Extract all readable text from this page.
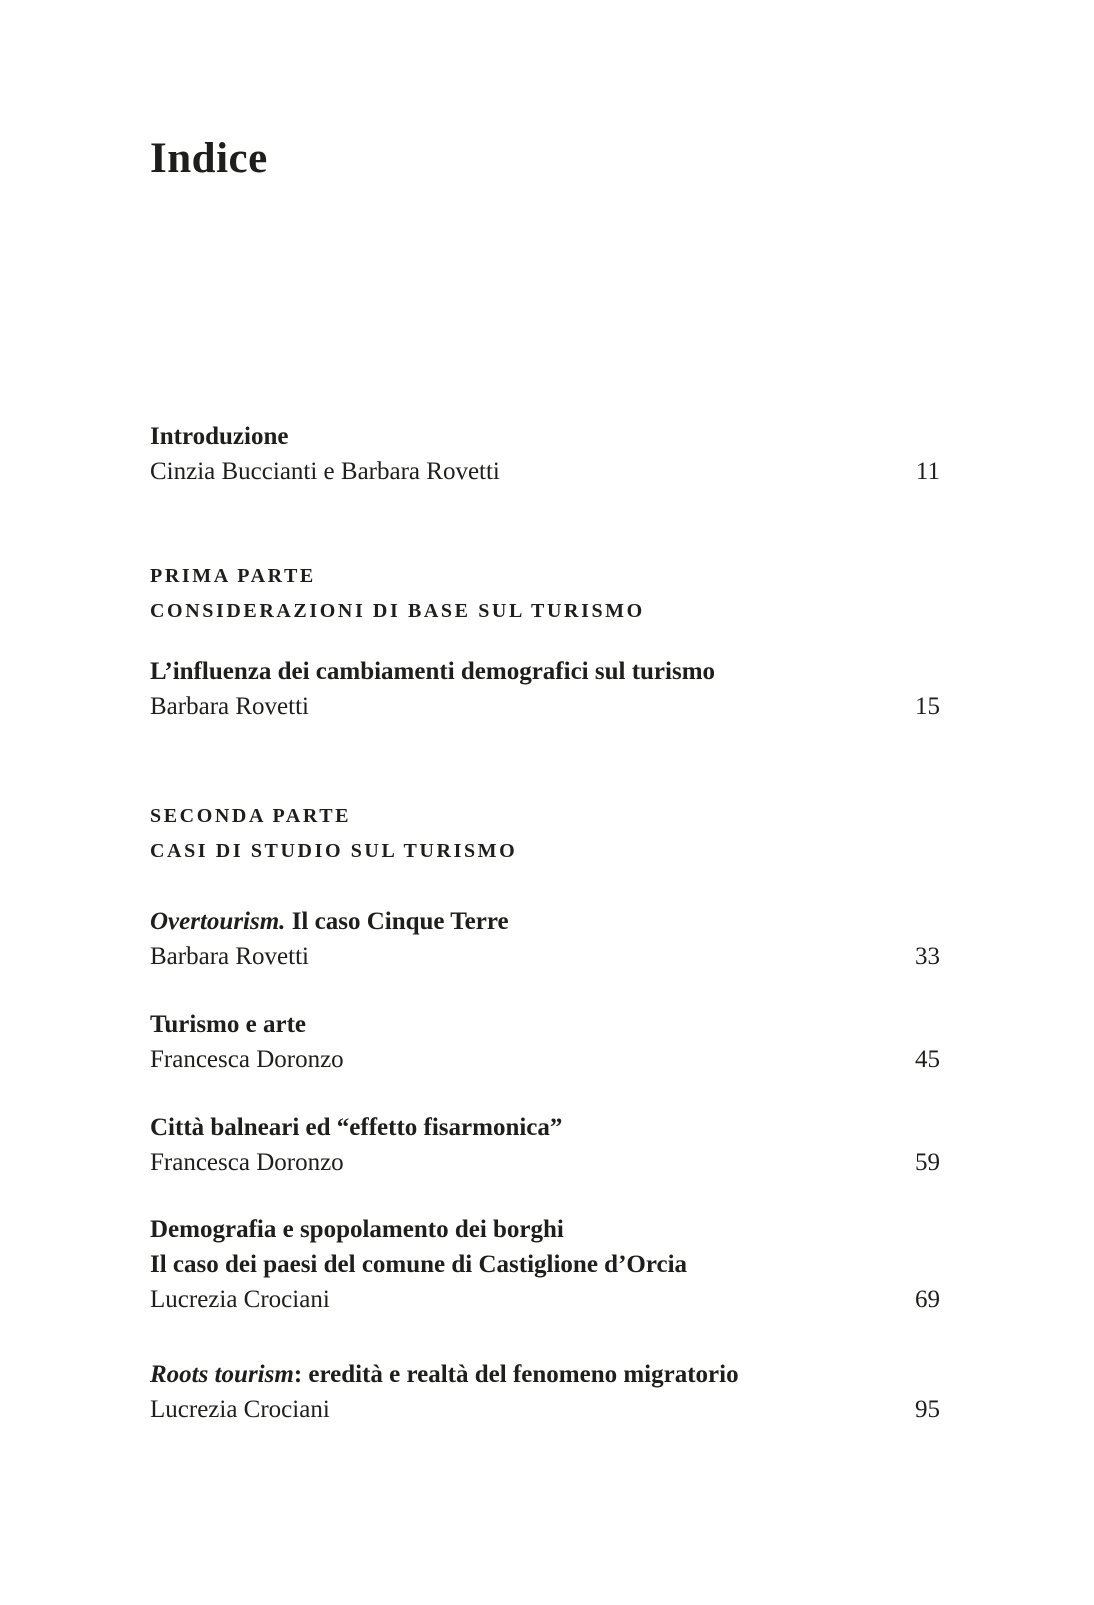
Indice
Introduzione
Cinzia Buccianti e Barbara Rovetti	11
PRIMA PARTE
CONSIDERAZIONI DI BASE SUL TURISMO
L’influenza dei cambiamenti demografici sul turismo
Barbara Rovetti	15
SECONDA PARTE
CASI DI STUDIO SUL TURISMO
Overtourism. Il caso Cinque Terre
Barbara Rovetti	33
Turismo e arte
Francesca Doronzo	45
Città balneari ed “effetto fisarmonica”
Francesca Doronzo	59
Demografia e spopolamento dei borghi
Il caso dei paesi del comune di Castiglione d’Orcia
Lucrezia Crociani	69
Roots tourism: eredità e realtà del fenomeno migratorio
Lucrezia Crociani	95
